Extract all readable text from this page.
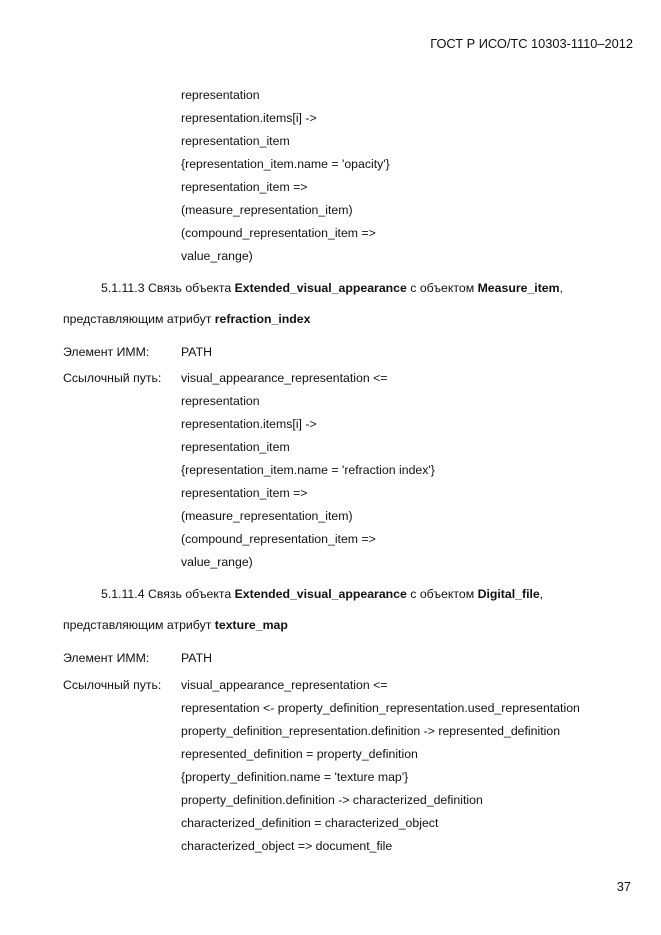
ГОСТ Р ИСО/ТС 10303-1110–2012
representation
representation.items[i] ->
representation_item
{representation_item.name = 'opacity'}
representation_item =>
(measure_representation_item)
(compound_representation_item =>
value_range)
5.1.11.3 Связь объекта Extended_visual_appearance с объектом Measure_item,
представляющим атрибут refraction_index
Элемент ИММ:	PATH
Ссылочный путь: visual_appearance_representation <=
representation
representation.items[i] ->
representation_item
{representation_item.name = 'refraction index'}
representation_item =>
(measure_representation_item)
(compound_representation_item =>
value_range)
5.1.11.4 Связь объекта Extended_visual_appearance с объектом Digital_file,
представляющим атрибут texture_map
Элемент ИММ:	PATH
Ссылочный путь: visual_appearance_representation <=
representation <- property_definition_representation.used_representation
property_definition_representation.definition -> represented_definition
represented_definition = property_definition
{property_definition.name = 'texture map'}
property_definition.definition -> characterized_definition
characterized_definition = characterized_object
characterized_object => document_file
37
